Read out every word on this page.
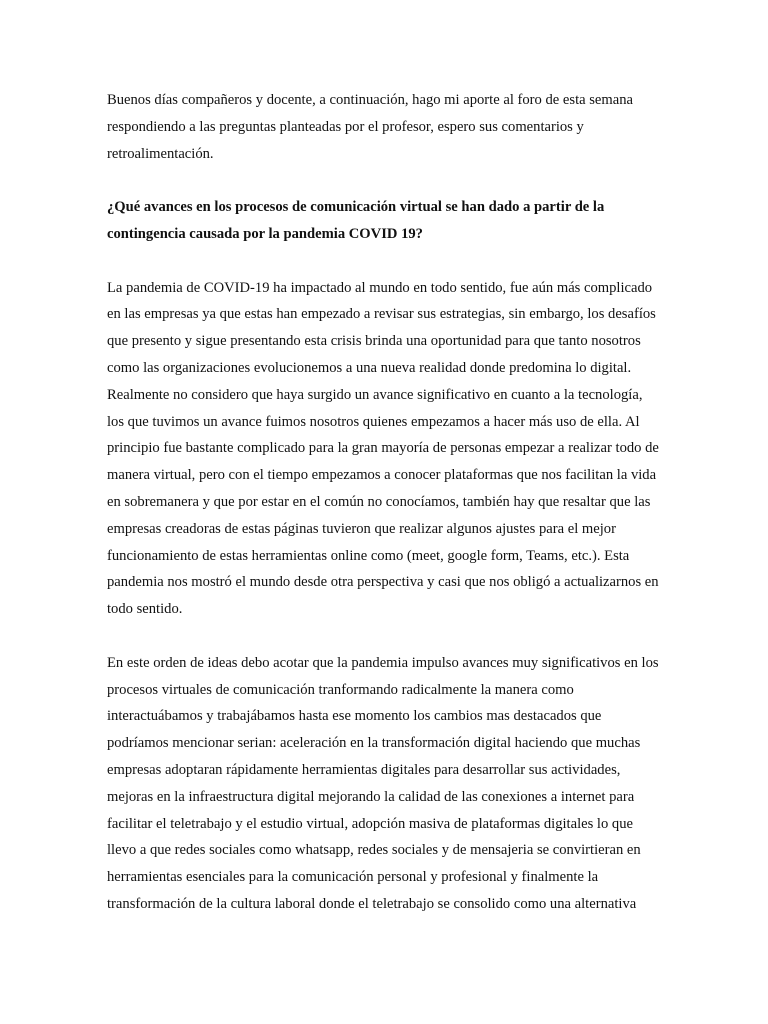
Buenos días compañeros y docente, a continuación, hago mi aporte al foro de esta semana respondiendo a las preguntas planteadas por el profesor, espero sus comentarios y retroalimentación.

¿Qué avances en los procesos de comunicación virtual se han dado a partir de la contingencia causada por la pandemia COVID 19?

La pandemia de COVID-19 ha impactado al mundo en todo sentido, fue aún más complicado en las empresas ya que estas han empezado a revisar sus estrategias, sin embargo, los desafíos que presento y sigue presentando esta crisis brinda una oportunidad para que tanto nosotros como las organizaciones evolucionemos a una nueva realidad donde predomina lo digital. Realmente no considero que haya surgido un avance significativo en cuanto a la tecnología, los que tuvimos un avance fuimos nosotros quienes empezamos a hacer más uso de ella. Al principio fue bastante complicado para la gran mayoría de personas empezar a realizar todo de manera virtual, pero con el tiempo empezamos a conocer plataformas que nos facilitan la vida en sobremanera y que por estar en el común no conocíamos, también hay que resaltar que las empresas creadoras de estas páginas tuvieron que realizar algunos ajustes para el mejor funcionamiento de estas herramientas online como (meet, google form, Teams, etc.). Esta pandemia nos mostró el mundo desde otra perspectiva y casi que nos obligó a actualizarnos en todo sentido.

En este orden de ideas debo acotar que la pandemia impulso avances muy significativos en los procesos virtuales de comunicación tranformando radicalmente la manera como interactuábamos y trabajábamos hasta ese momento los cambios mas destacados que podríamos mencionar serian: aceleración en la transformación digital haciendo que muchas empresas adoptaran rápidamente herramientas digitales para desarrollar sus actividades, mejoras en la infraestructura digital mejorando la calidad de las conexiones a internet para facilitar el teletrabajo y el estudio virtual, adopción masiva de plataformas digitales lo que llevo a que redes sociales como whatsapp, redes sociales y de mensajeria se convirtieran en herramientas esenciales para la comunicación personal y profesional y finalmente la transformación de la cultura laboral donde el teletrabajo se consolido como una alternativa
